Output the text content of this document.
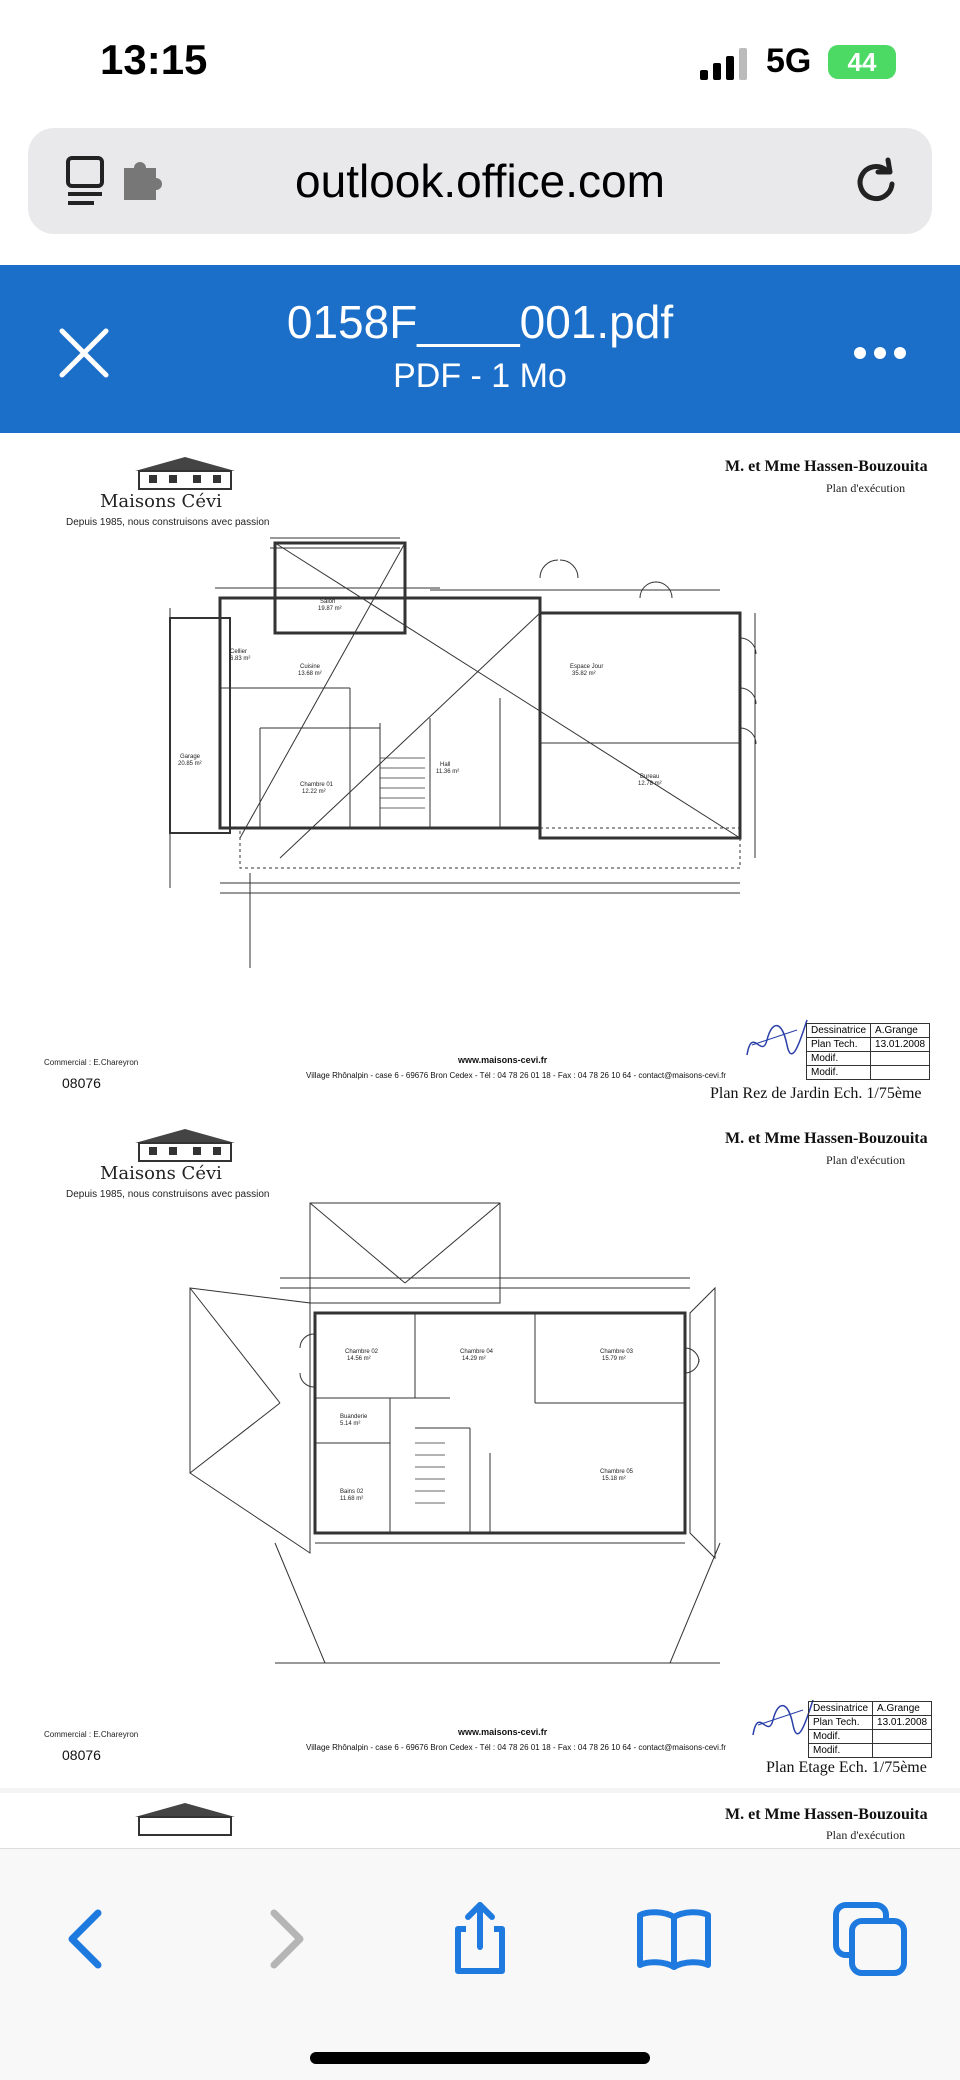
13:15	5G	44
outlook.office.com
0158F____001.pdf
PDF - 1 Mo
Maisons Cévi
Depuis 1985, nous construisons avec passion
M. et Mme Hassen-Bouzouita
Plan d'exécution
Salon
19.87 m²
Cuisine
13.68 m²
Espace Jour
35.82 m²
Hall
11.36 m²
Chambre 01
12.22 m²
Bureau
12.78 m²
Garage
20.85 m²
Cellier
6.83 m²
Commercial : E.Chareyron
08076
www.maisons-cevi.fr
Village Rhônalpin - case 6 - 69676 Bron Cedex - Tél : 04 78 26 01 18 - Fax : 04 78 26 10 64 - contact@maisons-cevi.fr
Dessinatrice	A.Grange
Plan Tech.	13.01.2008
Modif.	
Modif.	
Plan Rez de Jardin Ech. 1/75ème
Maisons Cévi
Depuis 1985, nous construisons avec passion
M. et Mme Hassen-Bouzouita
Plan d'exécution
Chambre 02
14.56 m²
Chambre 04
14.29 m²
Chambre 03
15.79 m²
Bains 02
11.68 m²
Chambre 05
15.18 m²
Buanderie
5.14 m²
Commercial : E.Chareyron
08076
www.maisons-cevi.fr
Village Rhônalpin - case 6 - 69676 Bron Cedex - Tél : 04 78 26 01 18 - Fax : 04 78 26 10 64 - contact@maisons-cevi.fr
Dessinatrice	A.Grange
Plan Tech.	13.01.2008
Modif.	
Modif.	
Plan Etage Ech. 1/75ème
M. et Mme Hassen-Bouzouita
Plan d'exécution
